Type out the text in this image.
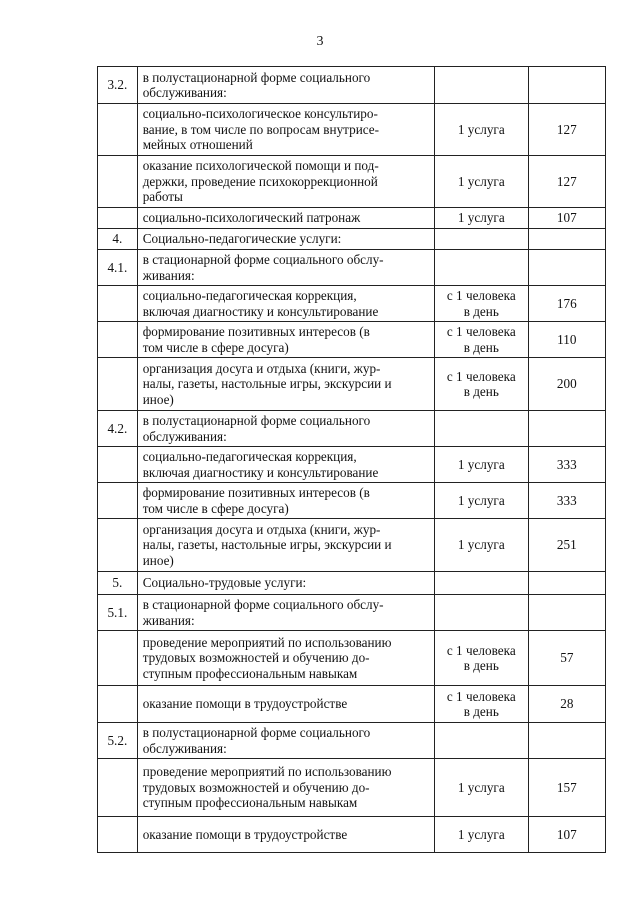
3
3.2.	в полустационарной форме социального
обслуживания:		
	социально-психологическое консультиро-
вание, в том числе по вопросам внутрисе-
мейных отношений	1 услуга	127
	оказание психологической помощи и под-
держки, проведение психокоррекционной
работы	1 услуга	127
	социально-психологический патронаж	1 услуга	107
4.	Социально-педагогические услуги:		
4.1.	в стационарной форме социального обслу-
живания:		
	социально-педагогическая коррекция,
включая диагностику и консультирование	с 1 человека
в день	176
	формирование позитивных интересов (в
том числе в сфере досуга)	с 1 человека
в день	110
	организация досуга и отдыха (книги, жур-
налы, газеты, настольные игры, экскурсии и
иное)	с 1 человека
в день	200
4.2.	в полустационарной форме социального
обслуживания:		
	социально-педагогическая коррекция,
включая диагностику и консультирование	1 услуга	333
	формирование позитивных интересов (в
том числе в сфере досуга)	1 услуга	333
	организация досуга и отдыха (книги, жур-
налы, газеты, настольные игры, экскурсии и
иное)	1 услуга	251
5.	Социально-трудовые услуги:		
5.1.	в стационарной форме социального обслу-
живания:		
	проведение мероприятий по использованию
трудовых возможностей и обучению до-
ступным профессиональным навыкам	с 1 человека
в день	57
	оказание помощи в трудоустройстве	с 1 человека
в день	28
5.2.	в полустационарной форме социального
обслуживания:		
	проведение мероприятий по использованию
трудовых возможностей и обучению до-
ступным профессиональным навыкам	1 услуга	157
	оказание помощи в трудоустройстве	1 услуга	107
